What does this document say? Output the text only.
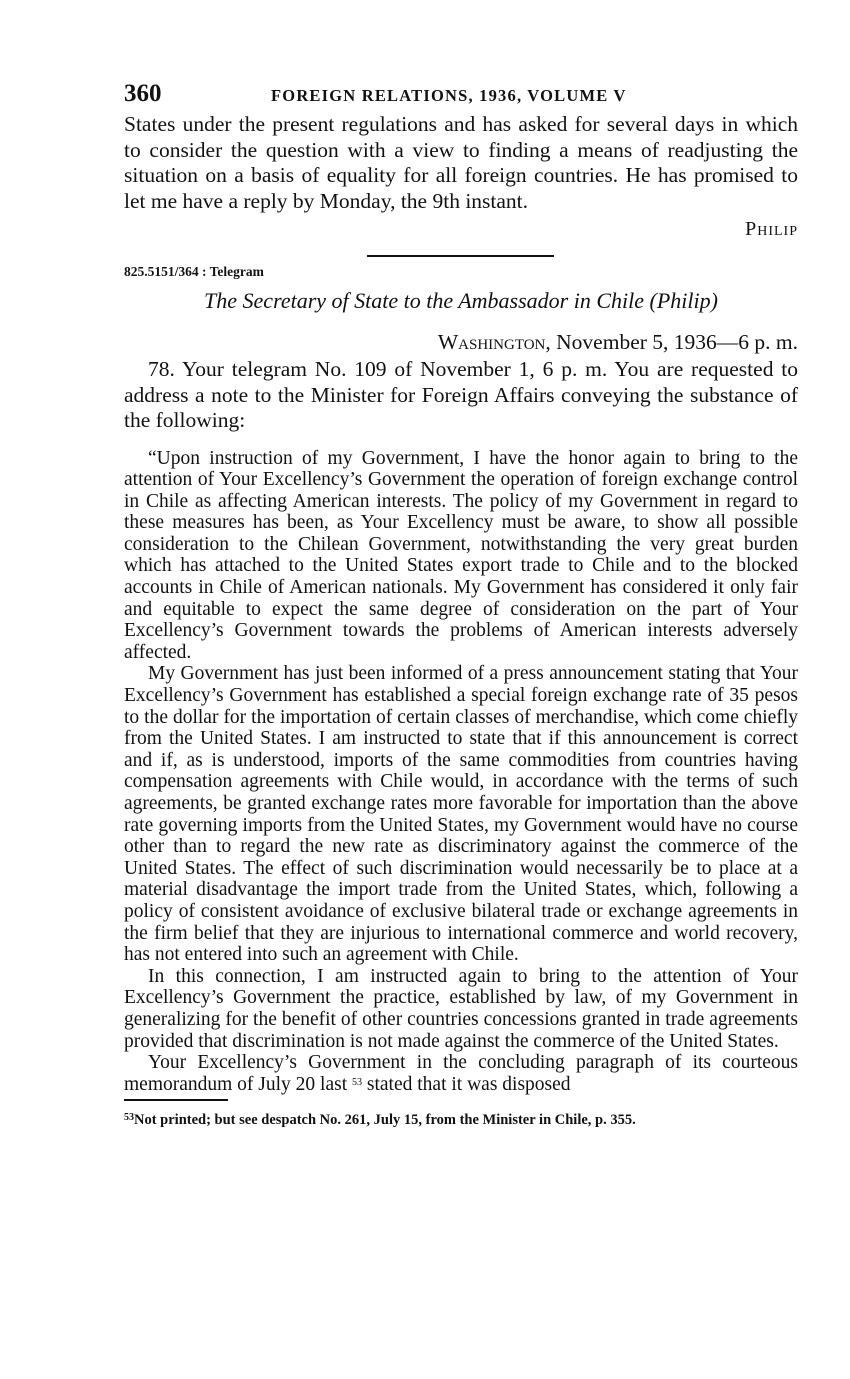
360	FOREIGN RELATIONS, 1936, VOLUME V

States under the present regulations and has asked for several days in which to consider the question with a view to finding a means of readjusting the situation on a basis of equality for all foreign countries. He has promised to let me have a reply by Monday, the 9th instant.

Philip
825.5151/364 : Telegram

The Secretary of State to the Ambassador in Chile (Philip)

Washington, November 5, 1936—6 p. m.

78. Your telegram No. 109 of November 1, 6 p. m. You are requested to address a note to the Minister for Foreign Affairs conveying the substance of the following:

“Upon instruction of my Government, I have the honor again to bring to the attention of Your Excellency’s Government the operation of foreign exchange control in Chile as affecting American interests. The policy of my Government in regard to these measures has been, as Your Excellency must be aware, to show all possible consideration to the Chilean Government, notwithstanding the very great burden which has attached to the United States export trade to Chile and to the blocked accounts in Chile of American nationals. My Government has considered it only fair and equitable to expect the same degree of consideration on the part of Your Excellency’s Government towards the problems of American interests adversely affected.

My Government has just been informed of a press announcement stating that Your Excellency’s Government has established a special foreign exchange rate of 35 pesos to the dollar for the importation of certain classes of merchandise, which come chiefly from the United States. I am instructed to state that if this announcement is correct and if, as is understood, imports of the same commodities from countries having compensation agreements with Chile would, in accordance with the terms of such agreements, be granted exchange rates more favorable for importation than the above rate governing imports from the United States, my Government would have no course other than to regard the new rate as discriminatory against the commerce of the United States. The effect of such discrimination would necessarily be to place at a material disadvantage the import trade from the United States, which, following a policy of consistent avoidance of exclusive bilateral trade or exchange agreements in the firm belief that they are injurious to international commerce and world recovery, has not entered into such an agreement with Chile.

In this connection, I am instructed again to bring to the attention of Your Excellency’s Government the practice, established by law, of my Government in generalizing for the benefit of other countries concessions granted in trade agreements provided that discrimination is not made against the commerce of the United States.

Your Excellency’s Government in the concluding paragraph of its courteous memorandum of July 20 last $^{53}$ stated that it was disposed

$^{53}$Not printed; but see despatch No. 261, July 15, from the Minister in Chile, p. 355.
